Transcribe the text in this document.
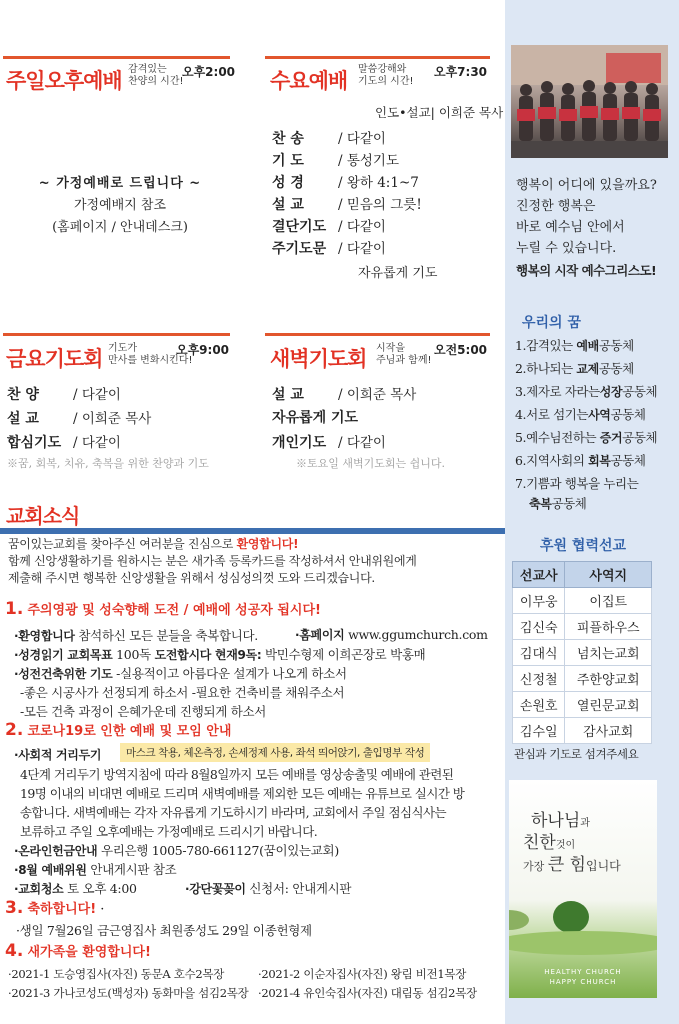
행복이 어디에 있을까요?
진정한 행복은
바로 예수님 안에서
누릴 수 있습니다.
행복의 시작 예수그리스도!
우리의 꿈
1.감격있는 예배공동체
2.하나되는 교제공동체
3.제자로 자라는성장공동체
4.서로 섬기는사역공동체
5.예수님전하는 증거공동체
6.지역사회의 회복공동체
7.기쁨과 행복을 누리는
축복공동체
후원 협력선교
선교사	사역지
이무웅	이집트
김신숙	피플하우스
김대식	넘치는교회
신정철	주한양교회
손원호	열린문교회
김수일	감사교회
관심과 기도로 섬겨주세요
하나님과
친한것이
가장 큰 힘입니다
HEALTHY CHURCH
HAPPY CHURCH
주일오후예배 감격있는
찬양의 시간!
오후2:00
~ 가정예배로 드립니다 ~
가정예배지 참조
(홈페이지 / 안내데스크)
수요예배 말씀강해와
기도의 시간!
오후7:30
인도•설교| 이희준 목사
찬 송	/ 다같이
기 도	/ 통성기도
성 경	/ 왕하 4:1~7
설 교	/ 믿음의 그릇!
결단기도 / 다같이
주기도문 / 다같이
자유롭게 기도
금요기도회 기도가
만사를 변화시킨다!
오후9:00
찬 양	/ 다같이
설 교	/ 이희준 목사
합심기도 / 다같이
※꿈, 회복, 치유, 축복을 위한 찬양과 기도
새벽기도회 시작을
주님과 함께!
오전5:00
설 교	/ 이희준 목사
자유롭게 기도
개인기도 / 다같이
※토요일 새벽기도회는 쉽니다.
교회소식
꿈이있는교회를 찾아주신 여러분을 진심으로 환영합니다!
함께 신앙생활하기를 원하시는 분은 새가족 등록카드를 작성하셔서 안내위원에게
제출해 주시면 행복한 신앙생활을 위해서 성심성의껏 도와 드리겠습니다.
1. 주의영광 및 성숙향해 도전 / 예배에 성공자 됩시다!
·환영합니다 참석하신 모든 분들을 축복합니다.	·홈페이지 www.ggumchurch.com
·성경읽기 교회목표 100독 도전합시다 현재9독: 박민수형제 이희곤장로 박홍매
·성전건축위한 기도 -실용적이고 아름다운 설계가 나오게 하소서
-좋은 시공사가 선정되게 하소서 -필요한 건축비를 채워주소서
-모든 건축 과정이 은혜가운데 진행되게 하소서
2. 코로나19로 인한 예배 및 모임 안내
·사회적 거리두기	마스크 착용, 체온측정, 손세정제 사용, 좌석 띄어앉기, 출입명부 작성
4단계 거리두기 방역지침에 따라 8월8일까지 모든 예배를 영상송출및 예배에 관련된
19명 이내의 비대면 예배로 드리며 새벽예배를 제외한 모든 예배는 유튜브로 실시간 방
송합니다. 새벽예배는 각자 자유롭게 기도하시기 바라며, 교회에서 주일 점심식사는
보류하고 주일 오후예배는 가정예배로 드리시기 바랍니다.
·온라인헌금안내 우리은행 1005-780-661127(꿈이있는교회)
·8월 예배위원 안내게시판 참조
·교회청소 토 오후 4:00	·강단꽃꽂이 신청서: 안내게시판
3. 축하합니다! ·
·생일 7월26일 금근영집사 최원종성도 29일 이종헌형제
4. 새가족을 환영합니다!
·2021-1 도승영집사(자진) 동문A 호수2목장	·2021-2 이순자집사(자진) 왕림 비전1목장
·2021-3 가나코성도(백성자) 동화마을 섬김2목장 ·2021-4 유인숙집사(자진) 대림동 섬김2목장
